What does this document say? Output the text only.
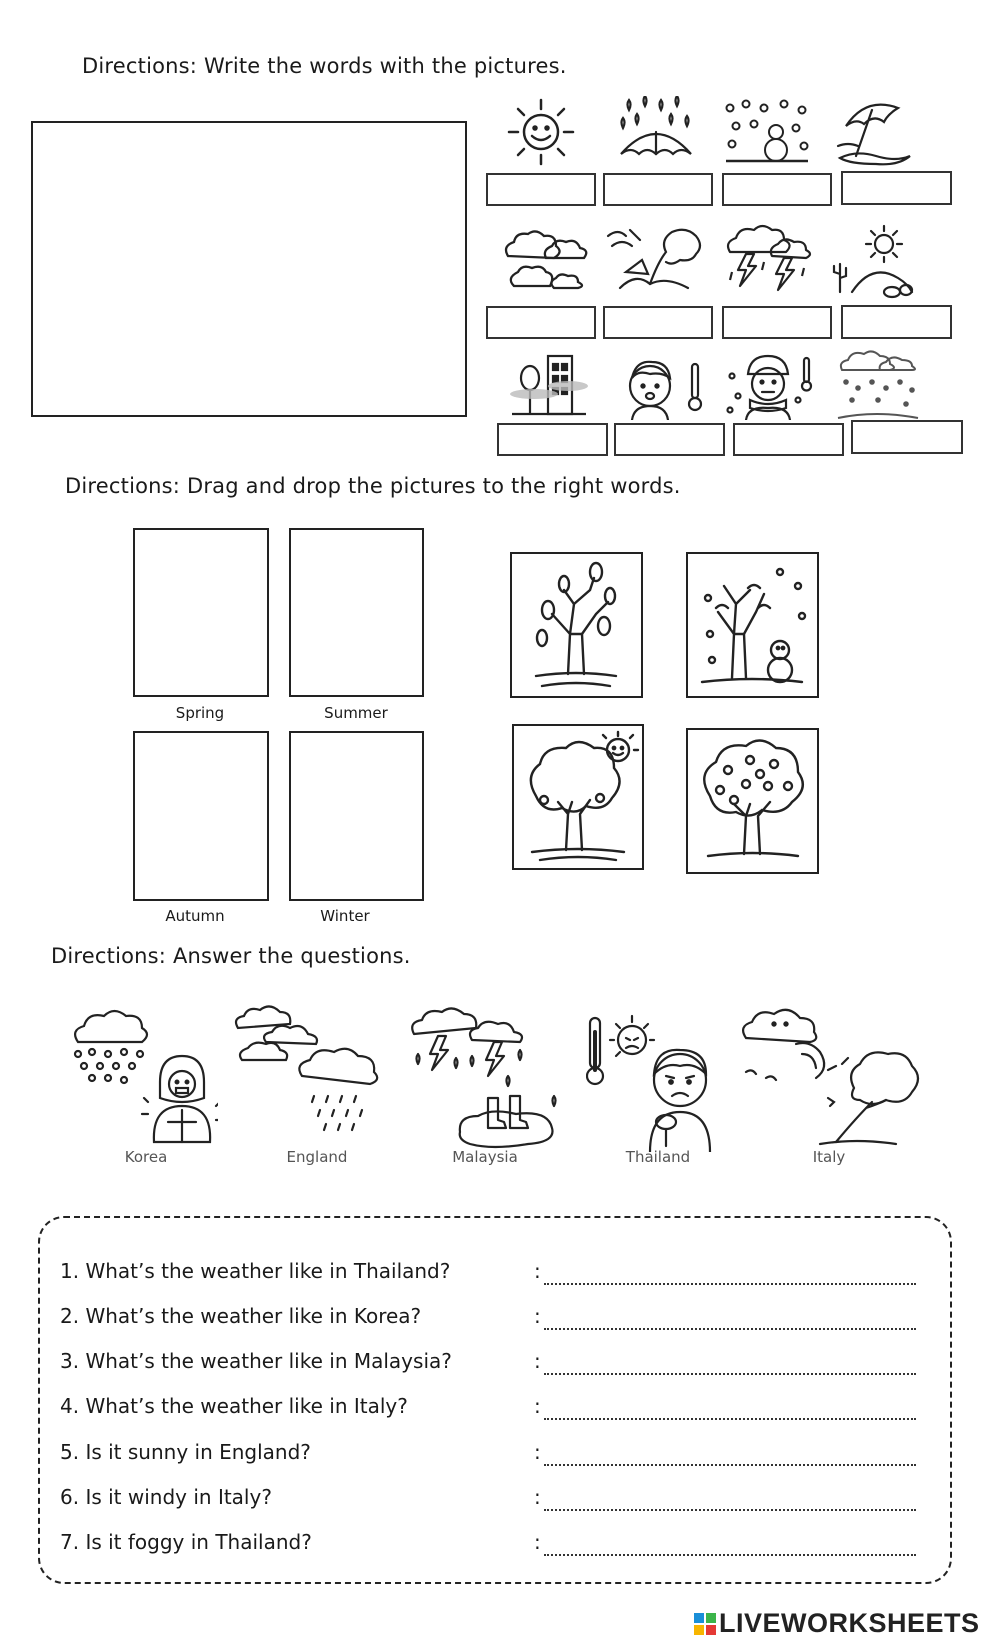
Directions: Write the words with the pictures.
Directions: Drag and drop the pictures to the right words.
Spring	Summer
Autumn	Winter
Directions: Answer the questions.
Korea	England	Malaysia	Thailand	Italy
1. What’s the weather like in Thailand?	:
2. What’s the weather like in Korea?	:
3. What’s the weather like in Malaysia?	:
4. What’s the weather like in Italy?	:
5. Is it sunny in England?	:
6. Is it windy in Italy?	:
7. Is it foggy in Thailand?	:
LIVEWORKSHEETS
